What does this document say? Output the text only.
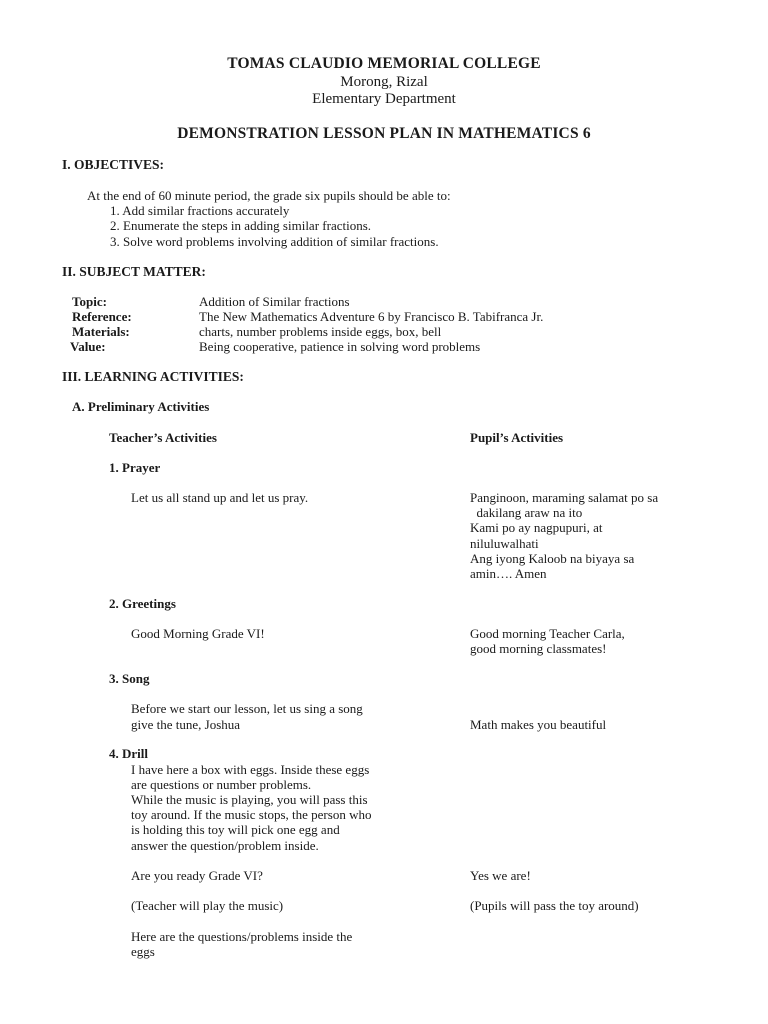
TOMAS CLAUDIO MEMORIAL COLLEGE
Morong, Rizal
Elementary Department
DEMONSTRATION LESSON PLAN IN MATHEMATICS 6
I. OBJECTIVES:
At the end of 60 minute period, the grade six pupils should be able to:
1. Add similar fractions accurately
2. Enumerate the steps in adding similar fractions.
3. Solve word problems involving addition of similar fractions.
II. SUBJECT MATTER:
Topic:	Addition of Similar fractions
Reference:	The New Mathematics Adventure 6 by Francisco B. Tabifranca Jr.
Materials:	charts, number problems inside eggs, box, bell
Value:	Being cooperative, patience in solving word problems
III. LEARNING ACTIVITIES:
A. Preliminary Activities
Teacher’s Activities	Pupil’s Activities
1. Prayer
Let us all stand up and let us pray.	Panginoon, maraming salamat po sa
dakilang araw na ito
Kami po ay nagpupuri, at
niluluwalhati
Ang iyong Kaloob na biyaya sa
amin…. Amen
2. Greetings
Good Morning Grade VI!	Good morning Teacher Carla,
good morning classmates!
3. Song
Before we start our lesson, let us sing a song
give the tune, Joshua	Math makes you beautiful
4. Drill
I have here a box with eggs. Inside these eggs
are questions or number problems.
While the music is playing, you will pass this
toy around. If the music stops, the person who
is holding this toy will pick one egg and
answer the question/problem inside.
Are you ready Grade VI?	Yes we are!
(Teacher will play the music)	(Pupils will pass the toy around)
Here are the questions/problems inside the
eggs
